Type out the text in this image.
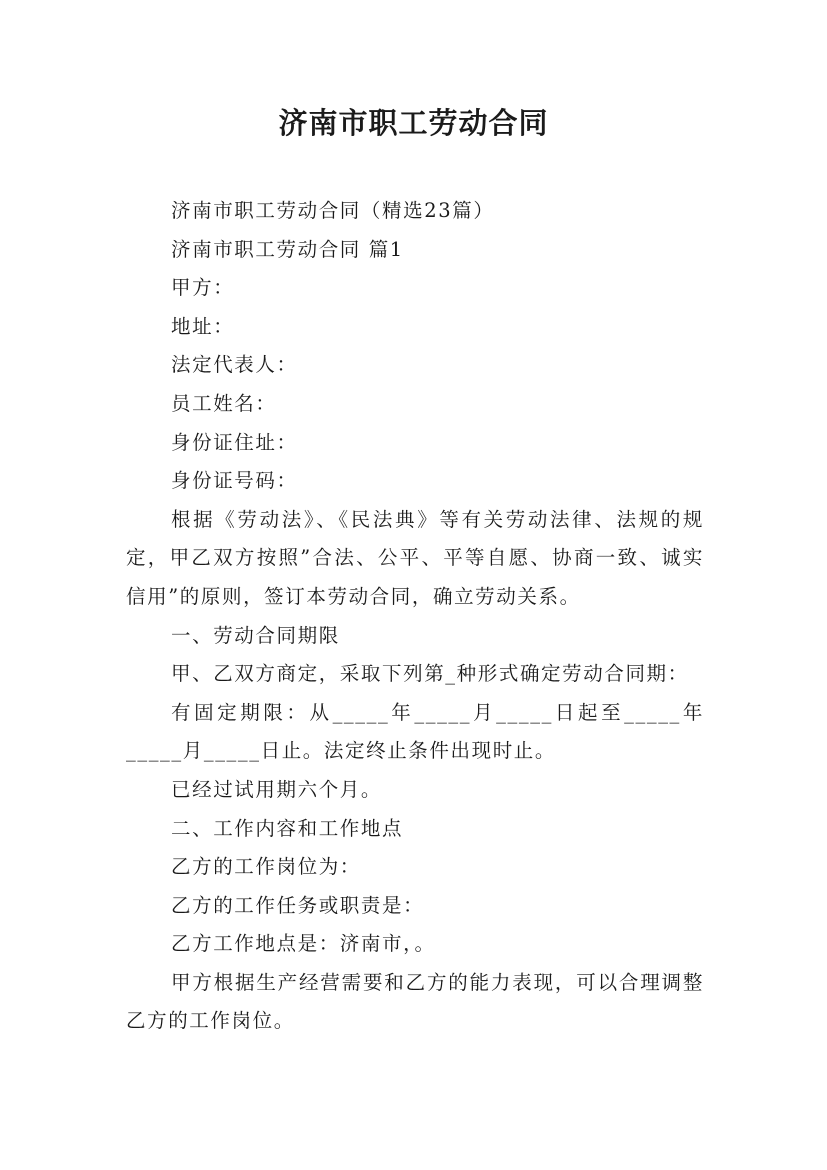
济南市职工劳动合同

济南市职工劳动合同（精选23篇）

济南市职工劳动合同 篇1

甲方：

地址：

法定代表人：

员工姓名：

身份证住址：

身份证号码：

根据《劳动法》、《民法典》等有关劳动法律、法规的规定，甲乙双方按照”合法、公平、平等自愿、协商一致、诚实信用”的原则，签订本劳动合同，确立劳动关系。

一、劳动合同期限

甲、乙双方商定，采取下列第_种形式确定劳动合同期：

有固定期限：从_____年_____月_____日起至_____年_____月_____日止。法定终止条件出现时止。

已经过试用期六个月。

二、工作内容和工作地点

乙方的工作岗位为：

乙方的工作任务或职责是：

乙方工作地点是：济南市，。

甲方根据生产经营需要和乙方的能力表现，可以合理调整乙方的工作岗位。
